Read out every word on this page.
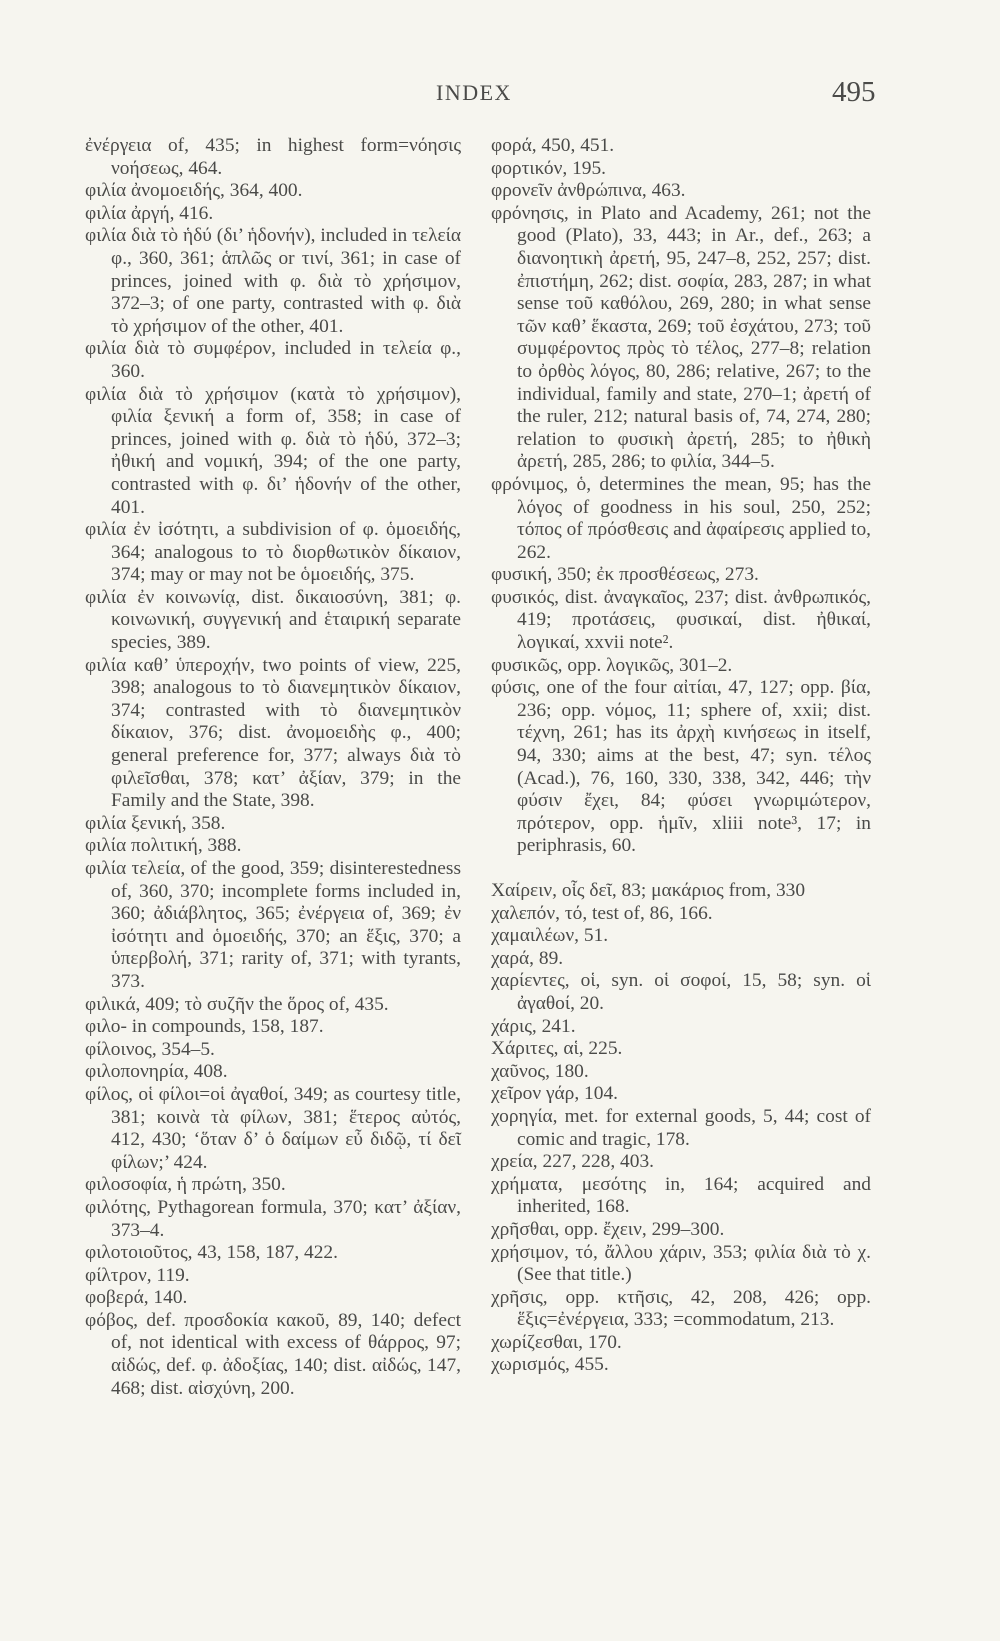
INDEX	495
ἐνέργεια of, 435; in highest form=νόησις νοήσεως, 464.
φιλία ἀνομοειδής, 364, 400.
φιλία ἀργή, 416.
φιλία διὰ τὸ ἡδύ (δι’ ἡδονήν), included in τελεία φ., 360, 361; ἁπλῶς or τινί, 361; in case of princes, joined with φ. διὰ τὸ χρήσιμον, 372–3; of one party, contrasted with φ. διὰ τὸ χρήσιμον of the other, 401.
φιλία διὰ τὸ συμφέρον, included in τελεία φ., 360.
φιλία διὰ τὸ χρήσιμον (κατὰ τὸ χρήσιμον), φιλία ξενική a form of, 358; in case of princes, joined with φ. διὰ τὸ ἡδύ, 372–3; ἠθική and νομική, 394; of the one party, contrasted with φ. δι’ ἡδονήν of the other, 401.
φιλία ἐν ἰσότητι, a subdivision of φ. ὁμοειδής, 364; analogous to τὸ διορθωτικὸν δίκαιον, 374; may or may not be ὁμοειδής, 375.
φιλία ἐν κοινωνίᾳ, dist. δικαιοσύνη, 381; φ. κοινωνική, συγγενική and ἑταιρική separate species, 389.
φιλία καθ’ ὑπεροχήν, two points of view, 225, 398; analogous to τὸ διανεμητικὸν δίκαιον, 374; contrasted with τὸ διανεμητικὸν δίκαιον, 376; dist. ἀνομοειδὴς φ., 400; general preference for, 377; always διὰ τὸ φιλεῖσθαι, 378; κατ’ ἀξίαν, 379; in the Family and the State, 398.
φιλία ξενική, 358.
φιλία πολιτική, 388.
φιλία τελεία, of the good, 359; disinterestedness of, 360, 370; incomplete forms included in, 360; ἀδιάβλητος, 365; ἐνέργεια of, 369; ἐν ἰσότητι and ὁμοειδής, 370; an ἕξις, 370; a ὑπερβολή, 371; rarity of, 371; with tyrants, 373.
φιλικά, 409; τὸ συζῆν the ὅρος of, 435.
φιλο- in compounds, 158, 187.
φίλοινος, 354–5.
φιλοπονηρία, 408.
φίλος, οἱ φίλοι=οἱ ἀγαθοί, 349; as courtesy title, 381; κοινὰ τὰ φίλων, 381; ἕτερος αὐτός, 412, 430; ‘ὅταν δ’ ὁ δαίμων εὖ διδῷ, τί δεῖ φίλων;’ 424.
φιλοσοφία, ἡ πρώτη, 350.
φιλότης, Pythagorean formula, 370; κατ’ ἀξίαν, 373–4.
φιλοτοιοῦτος, 43, 158, 187, 422.
φίλτρον, 119.
φοβερά, 140.
φόβος, def. προσδοκία κακοῦ, 89, 140; defect of, not identical with excess of θάρρος, 97; αἰδώς, def. φ. ἀδοξίας, 140; dist. αἰδώς, 147, 468; dist. αἰσχύνη, 200.
φορά, 450, 451.
φορτικόν, 195.
φρονεῖν ἀνθρώπινα, 463.
φρόνησις, in Plato and Academy, 261; not the good (Plato), 33, 443; in Ar., def., 263; a διανοητικὴ ἀρετή, 95, 247–8, 252, 257; dist. ἐπιστήμη, 262; dist. σοφία, 283, 287; in what sense τοῦ καθόλου, 269, 280; in what sense τῶν καθ’ ἕκαστα, 269; τοῦ ἐσχάτου, 273; τοῦ συμφέροντος πρὸς τὸ τέλος, 277–8; relation to ὀρθὸς λόγος, 80, 286; relative, 267; to the individual, family and state, 270–1; ἀρετή of the ruler, 212; natural basis of, 74, 274, 280; relation to φυσικὴ ἀρετή, 285; to ἠθικὴ ἀρετή, 285, 286; to φιλία, 344–5.
φρόνιμος, ὁ, determines the mean, 95; has the λόγος of goodness in his soul, 250, 252; τόπος of πρόσθεσις and ἀφαίρεσις applied to, 262.
φυσική, 350; ἐκ προσθέσεως, 273.
φυσικός, dist. ἀναγκαῖος, 237; dist. ἀνθρωπικός, 419; προτάσεις, φυσικαί, dist. ἠθικαί, λογικαί, xxvii note².
φυσικῶς, opp. λογικῶς, 301–2.
φύσις, one of the four αἰτίαι, 47, 127; opp. βία, 236; opp. νόμος, 11; sphere of, xxii; dist. τέχνη, 261; has its ἀρχὴ κινήσεως in itself, 94, 330; aims at the best, 47; syn. τέλος (Acad.), 76, 160, 330, 338, 342, 446; τὴν φύσιν ἔχει, 84; φύσει γνωριμώτερον, πρότερον, opp. ἡμῖν, xliii note³, 17; in periphrasis, 60.
Χαίρειν, οἷς δεῖ, 83; μακάριος from, 330
χαλεπόν, τό, test of, 86, 166.
χαμαιλέων, 51.
χαρά, 89.
χαρίεντες, οἱ, syn. οἱ σοφοί, 15, 58; syn. οἱ ἀγαθοί, 20.
χάρις, 241.
Χάριτες, αἱ, 225.
χαῦνος, 180.
χεῖρον γάρ, 104.
χορηγία, met. for external goods, 5, 44; cost of comic and tragic, 178.
χρεία, 227, 228, 403.
χρήματα, μεσότης in, 164; acquired and inherited, 168.
χρῆσθαι, opp. ἔχειν, 299–300.
χρήσιμον, τό, ἄλλου χάριν, 353; φιλία διὰ τὸ χ. (See that title.)
χρῆσις, opp. κτῆσις, 42, 208, 426; opp. ἕξις=ἐνέργεια, 333; =commodatum, 213.
χωρίζεσθαι, 170.
χωρισμός, 455.
